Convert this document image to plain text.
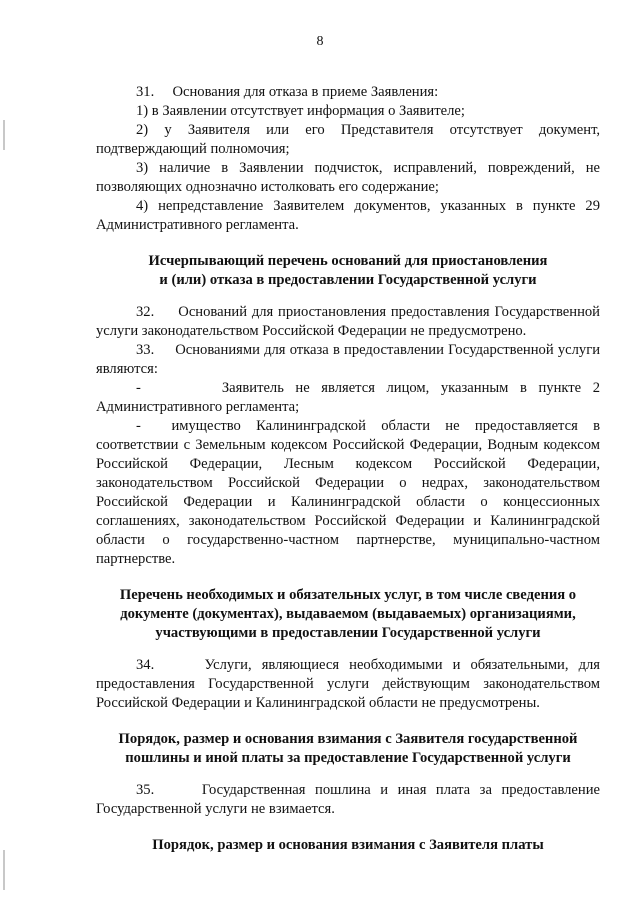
8

31.     Основания для отказа в приеме Заявления:

1) в Заявлении отсутствует информация о Заявителе;

2) у Заявителя или его Представителя отсутствует документ, подтверждающий полномочия;

3) наличие в Заявлении подчисток, исправлений, повреждений, не позволяющих однозначно истолковать его содержание;

4) непредставление Заявителем документов, указанных в пункте 29 Административного регламента.

Исчерпывающий перечень оснований для приостановления

и (или) отказа в предоставлении Государственной услуги

32.     Оснований для приостановления предоставления Государственной услуги законодательством Российской Федерации не предусмотрено.

33.     Основаниями для отказа в предоставлении Государственной услуги являются:

-       Заявитель не является лицом, указанным в пункте 2 Административного регламента;

-  имущество Калининградской области не предоставляется в соответствии с Земельным кодексом Российской Федерации, Водным кодексом Российской Федерации, Лесным кодексом Российской Федерации, законодательством Российской Федерации о недрах, законодательством Российской Федерации и Калининградской области о концессионных соглашениях, законодательством Российской Федерации и Калининградской области о государственно-частном партнерстве, муниципально-частном партнерстве.

Перечень необходимых и обязательных услуг, в том числе сведения о

документе (документах), выдаваемом (выдаваемых) организациями,

участвующими в предоставлении Государственной услуги

34.     Услуги, являющиеся необходимыми и обязательными, для предоставления Государственной услуги действующим законодательством Российской Федерации и Калининградской области не предусмотрены.

Порядок, размер и основания взимания с Заявителя государственной

пошлины и иной платы за предоставление Государственной услуги

35.     Государственная пошлина и иная плата за предоставление Государственной услуги не взимается.

Порядок, размер и основания взимания с Заявителя платы
